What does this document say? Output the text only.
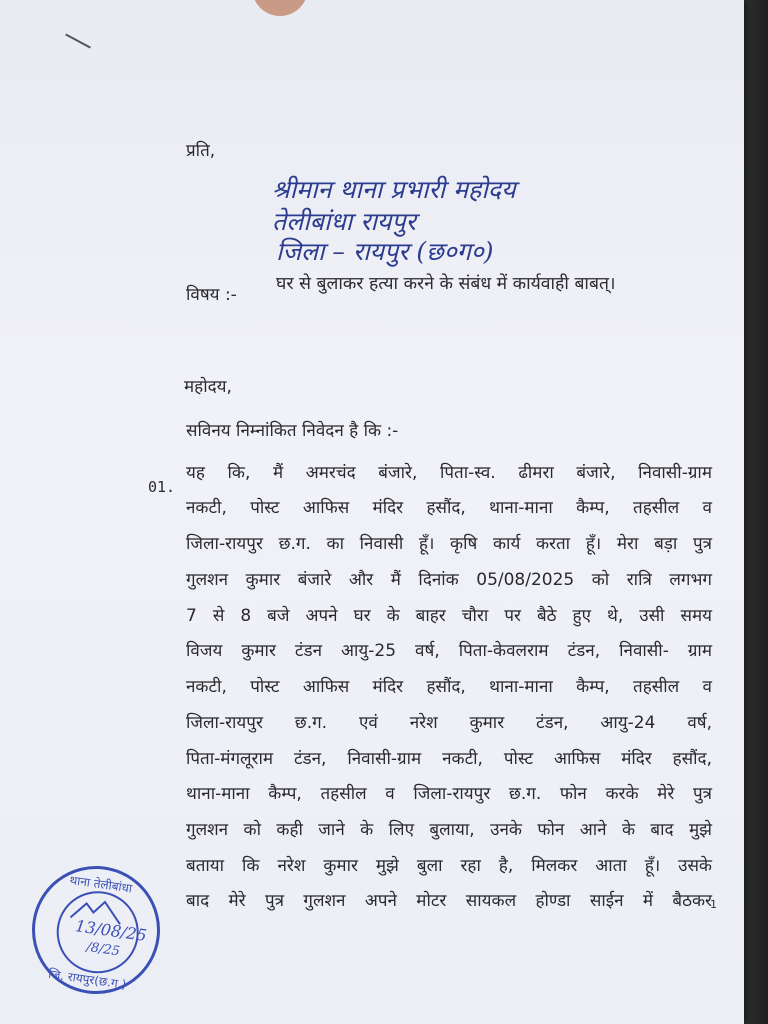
प्रति,
श्रीमान थाना प्रभारी महोदय
तेलीबांधा रायपुर
जिला – रायपुर (छ०ग०)
विषय :-
घर से बुलाकर हत्या करने के संबंध में कार्यवाही बाबत्।
महोदय,
सविनय निम्नांकित निवेदन है कि :-
01.
यह कि, मैं अमरचंद बंजारे, पिता-स्व. ढीमरा बंजारे, निवासी-ग्राम
नकटी, पोस्ट आफिस मंदिर हसौंद, थाना-माना कैम्प, तहसील व
जिला-रायपुर छ.ग. का निवासी हूँ। कृषि कार्य करता हूँ। मेरा बड़ा पुत्र
गुलशन कुमार बंजारे और मैं दिनांक 05/08/2025 को रात्रि लगभग
7 से 8 बजे अपने घर के बाहर चौरा पर बैठे हुए थे, उसी समय
विजय कुमार टंडन आयु-25 वर्ष, पिता-केवलराम टंडन, निवासी- ग्राम
नकटी, पोस्ट आफिस मंदिर हसौंद, थाना-माना कैम्प, तहसील व
जिला-रायपुर छ.ग. एवं नरेश कुमार टंडन, आयु-24 वर्ष,
पिता-मंगलूराम टंडन, निवासी-ग्राम नकटी, पोस्ट आफिस मंदिर हसौंद,
थाना-माना कैम्प, तहसील व जिला-रायपुर छ.ग. फोन करके मेरे पुत्र
गुलशन को कही जाने के लिए बुलाया, उनके फोन आने के बाद मुझे
बताया कि नरेश कुमार मुझे बुला रहा है, मिलकर आता हूँ। उसके
बाद मेरे पुत्र गुलशन अपने मोटर सायकल होण्डा साईन में बैठकर
1
थाना तेलीबांधा
13/08/25
/8/25
जि. रायपुर(छ.ग.)
